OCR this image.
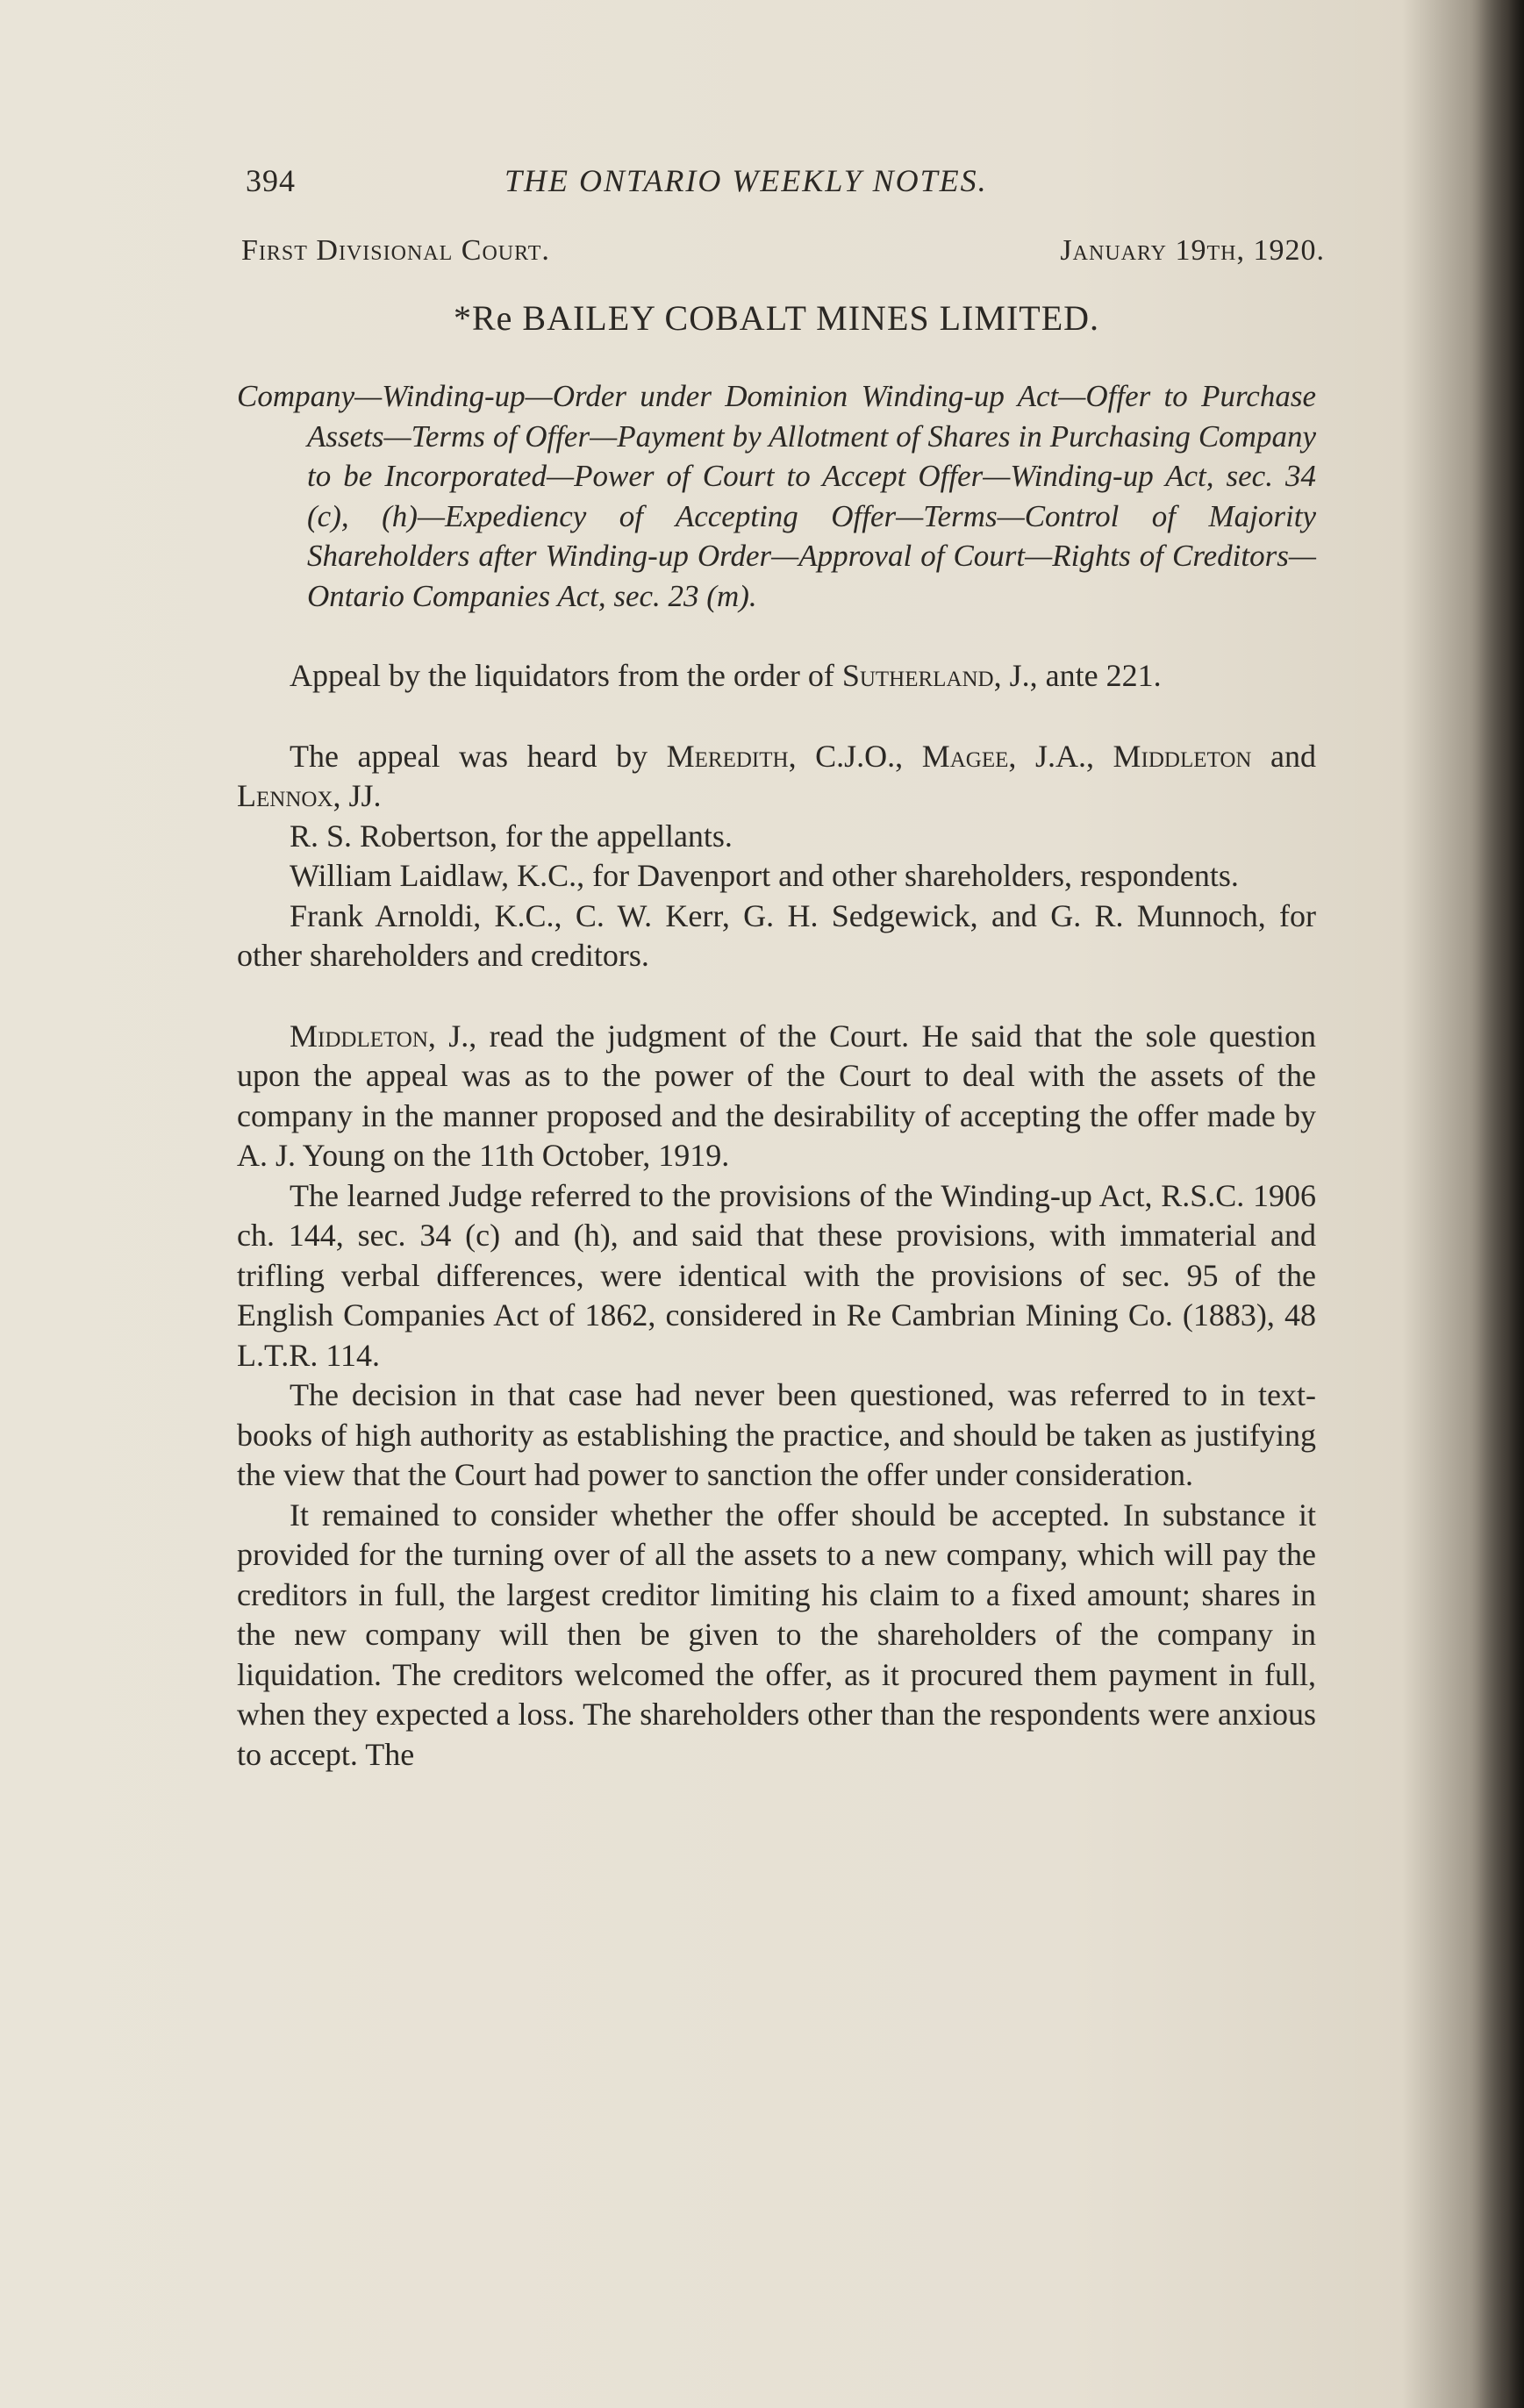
394	THE ONTARIO WEEKLY NOTES.
First Divisional Court.	January 19th, 1920.
*Re BAILEY COBALT MINES LIMITED.
Company—Winding-up—Order under Dominion Winding-up Act—Offer to Purchase Assets—Terms of Offer—Payment by Allotment of Shares in Purchasing Company to be Incorporated—Power of Court to Accept Offer—Winding-up Act, sec. 34 (c), (h)—Expediency of Accepting Offer—Terms—Control of Majority Shareholders after Winding-up Order—Approval of Court—Rights of Creditors—Ontario Companies Act, sec. 23 (m).
Appeal by the liquidators from the order of Sutherland, J., ante 221.
The appeal was heard by Meredith, C.J.O., Magee, J.A., Middleton and Lennox, JJ.
R. S. Robertson, for the appellants.
William Laidlaw, K.C., for Davenport and other shareholders, respondents.
Frank Arnoldi, K.C., C. W. Kerr, G. H. Sedgewick, and G. R. Munnoch, for other shareholders and creditors.
Middleton, J., read the judgment of the Court. He said that the sole question upon the appeal was as to the power of the Court to deal with the assets of the company in the manner proposed and the desirability of accepting the offer made by A. J. Young on the 11th October, 1919.
The learned Judge referred to the provisions of the Winding-up Act, R.S.C. 1906 ch. 144, sec. 34 (c) and (h), and said that these provisions, with immaterial and trifling verbal differences, were identical with the provisions of sec. 95 of the English Companies Act of 1862, considered in Re Cambrian Mining Co. (1883), 48 L.T.R. 114.
The decision in that case had never been questioned, was referred to in text-books of high authority as establishing the practice, and should be taken as justifying the view that the Court had power to sanction the offer under consideration.
It remained to consider whether the offer should be accepted. In substance it provided for the turning over of all the assets to a new company, which will pay the creditors in full, the largest creditor limiting his claim to a fixed amount; shares in the new company will then be given to the shareholders of the company in liquidation. The creditors welcomed the offer, as it procured them payment in full, when they expected a loss. The shareholders other than the respondents were anxious to accept. The
